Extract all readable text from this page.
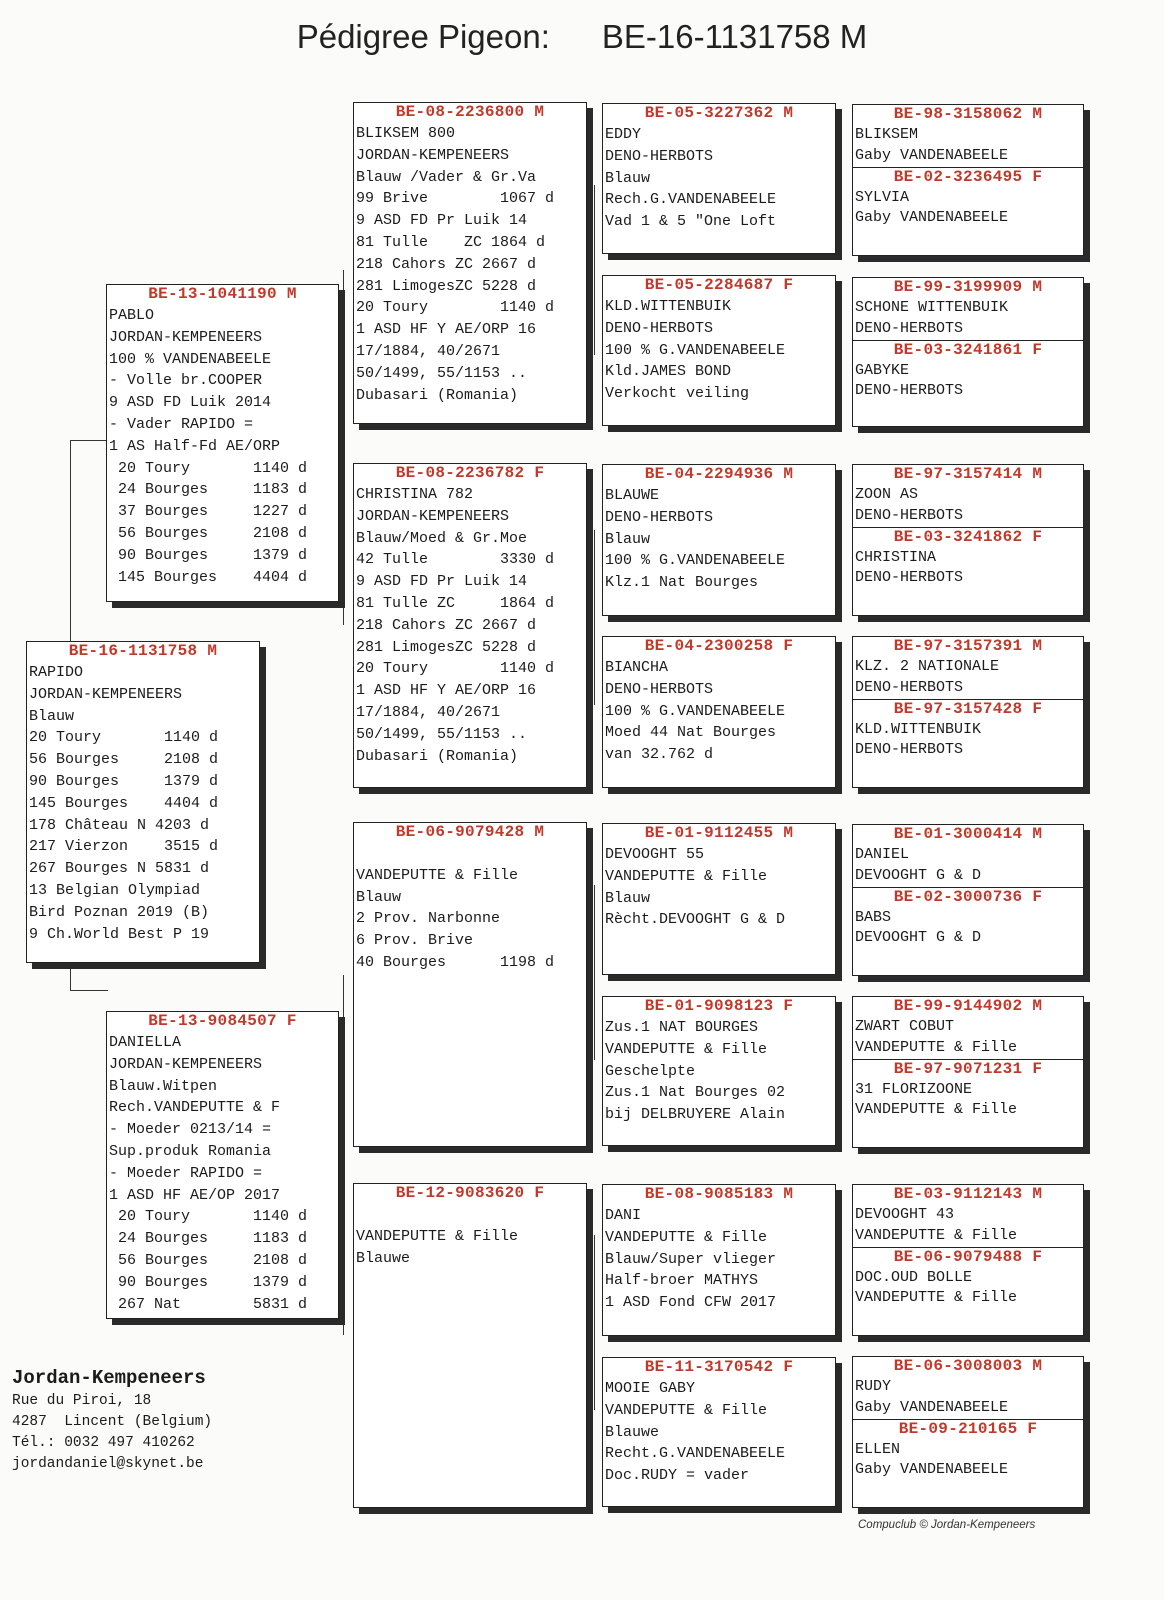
Pédigree Pigeon: BE-16-1131758 M
BE-16-1131758 M
RAPIDO
JORDAN-KEMPENEERS
Blauw
20 Toury       1140 d
56 Bourges     2108 d
90 Bourges     1379 d
145 Bourges    4404 d
178 Château N 4203 d
217 Vierzon    3515 d
267 Bourges N 5831 d
13 Belgian Olympiad
Bird Poznan 2019 (B)
9 Ch.World Best P 19
BE-13-1041190 M
PABLO
JORDAN-KEMPENEERS
100 % VANDENABEELE
- Volle br.COOPER
9 ASD FD Luik 2014
- Vader RAPIDO =
1 AS Half-Fd AE/ORP
20 Toury       1140 d
24 Bourges     1183 d
37 Bourges     1227 d
56 Bourges     2108 d
90 Bourges     1379 d
145 Bourges    4404 d
BE-13-9084507 F
DANIELLA
JORDAN-KEMPENEERS
Blauw.Witpen
Rech.VANDEPUTTE & F
- Moeder 0213/14 =
Sup.produk Romania
- Moeder RAPIDO =
1 ASD HF AE/OP 2017
20 Toury       1140 d
24 Bourges     1183 d
56 Bourges     2108 d
90 Bourges     1379 d
267 Nat        5831 d
BE-08-2236800 M
BLIKSEM 800
JORDAN-KEMPENEERS
Blauw /Vader & Gr.Va
99 Brive        1067 d
9 ASD FD Pr Luik 14
81 Tulle    ZC 1864 d
218 Cahors ZC 2667 d
281 LimogesZC 5228 d
20 Toury        1140 d
1 ASD HF Y AE/ORP 16
17/1884, 40/2671
50/1499, 55/1153 ..
Dubasari (Romania)
BE-08-2236782 F
CHRISTINA 782
JORDAN-KEMPENEERS
Blauw/Moed & Gr.Moe
42 Tulle        3330 d
9 ASD FD Pr Luik 14
81 Tulle ZC     1864 d
218 Cahors ZC 2667 d
281 LimogesZC 5228 d
20 Toury        1140 d
1 ASD HF Y AE/ORP 16
17/1884, 40/2671
50/1499, 55/1153 ..
Dubasari (Romania)
BE-06-9079428 M
VANDEPUTTE & Fille
Blauw
2 Prov. Narbonne
6 Prov. Brive
40 Bourges      1198 d
BE-12-9083620 F
VANDEPUTTE & Fille
Blauwe
BE-05-3227362 M
EDDY
DENO-HERBOTS
Blauw
Rech.G.VANDENABEELE
Vad 1 & 5 "One Loft
BE-05-2284687 F
KLD.WITTENBUIK
DENO-HERBOTS
100 % G.VANDENABEELE
Kld.JAMES BOND
Verkocht veiling
BE-04-2294936 M
BLAUWE
DENO-HERBOTS
Blauw
100 % G.VANDENABEELE
Klz.1 Nat Bourges
BE-04-2300258 F
BIANCHA
DENO-HERBOTS
100 % G.VANDENABEELE
Moed 44 Nat Bourges
van 32.762 d
BE-01-9112455 M
DEVOOGHT 55
VANDEPUTTE & Fille
Blauw
Rècht.DEVOOGHT G & D
BE-01-9098123 F
Zus.1 NAT BOURGES
VANDEPUTTE & Fille
Geschelpte
Zus.1 Nat Bourges 02
bij DELBRUYERE Alain
BE-08-9085183 M
DANI
VANDEPUTTE & Fille
Blauw/Super vlieger
Half-broer MATHYS
1 ASD Fond CFW 2017
BE-11-3170542 F
MOOIE GABY
VANDEPUTTE & Fille
Blauwe
Recht.G.VANDENABEELE
Doc.RUDY = vader
BE-98-3158062 M
BLIKSEM
Gaby VANDENABEELE
BE-02-3236495 F
SYLVIA
Gaby VANDENABEELE
BE-99-3199909 M
SCHONE WITTENBUIK
DENO-HERBOTS
BE-03-3241861 F
GABYKE
DENO-HERBOTS
BE-97-3157414 M
ZOON AS
DENO-HERBOTS
BE-03-3241862 F
CHRISTINA
DENO-HERBOTS
BE-97-3157391 M
KLZ. 2 NATIONALE
DENO-HERBOTS
BE-97-3157428 F
KLD.WITTENBUIK
DENO-HERBOTS
BE-01-3000414 M
DANIEL
DEVOOGHT G & D
BE-02-3000736 F
BABS
DEVOOGHT G & D
BE-99-9144902 M
ZWART COBUT
VANDEPUTTE & Fille
BE-97-9071231 F
31 FLORIZOONE
VANDEPUTTE & Fille
BE-03-9112143 M
DEVOOGHT 43
VANDEPUTTE & Fille
BE-06-9079488 F
DOC.OUD BOLLE
VANDEPUTTE & Fille
BE-06-3008003 M
RUDY
Gaby VANDENABEELE
BE-09-210165 F
ELLEN
Gaby VANDENABEELE
Jordan-Kempeneers
Rue du Piroi, 18
4287  Lincent (Belgium)
Tél.: 0032 497 410262
jordandaniel@skynet.be
Compuclub © Jordan-Kempeneers
